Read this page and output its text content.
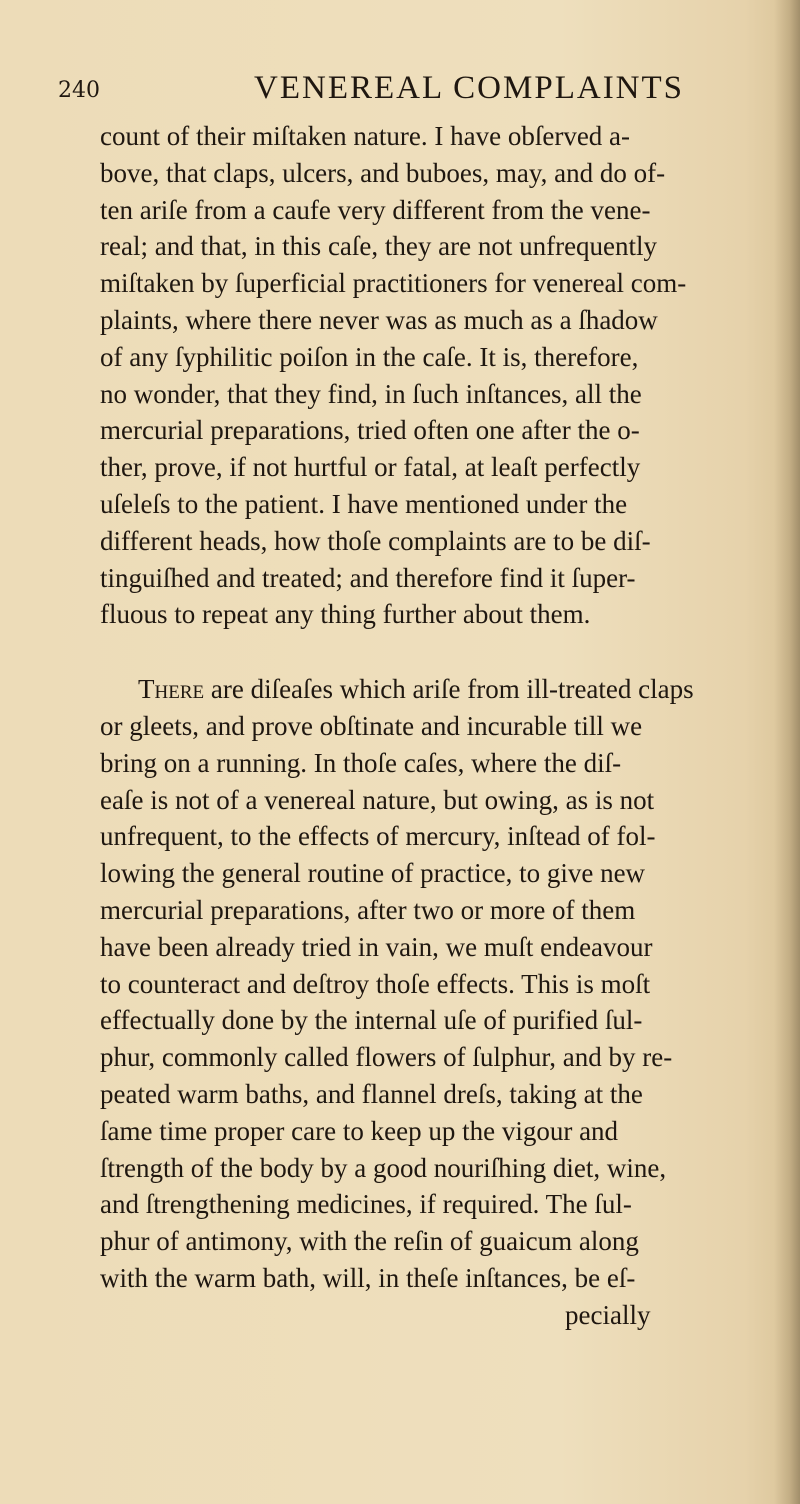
240	VENEREAL COMPLAINTS
count of their miſtaken nature. I have obſerved a-
bove, that claps, ulcers, and buboes, may, and do of-
ten ariſe from a caufe very different from the vene-
real; and that, in this caſe, they are not unfrequently
miſtaken by ſuperficial practitioners for venereal com-
plaints, where there never was as much as a ſhadow
of any ſyphilitic poiſon in the caſe. It is, therefore,
no wonder, that they find, in ſuch inſtances, all the
mercurial preparations, tried often one after the o-
ther, prove, if not hurtful or fatal, at leaſt perfectly
uſeleſs to the patient. I have mentioned under the
different heads, how thoſe complaints are to be diſ-
tinguiſhed and treated; and therefore find it ſuper-
fluous to repeat any thing further about them.
There are diſeaſes which ariſe from ill-treated claps
or gleets, and prove obſtinate and incurable till we
bring on a running. In thoſe caſes, where the diſ-
eaſe is not of a venereal nature, but owing, as is not
unfrequent, to the effects of mercury, inſtead of fol-
lowing the general routine of practice, to give new
mercurial preparations, after two or more of them
have been already tried in vain, we muſt endeavour
to counteract and deſtroy thoſe effects. This is moſt
effectually done by the internal uſe of purified ſul-
phur, commonly called flowers of ſulphur, and by re-
peated warm baths, and flannel dreſs, taking at the
ſame time proper care to keep up the vigour and
ſtrength of the body by a good nouriſhing diet, wine,
and ſtrengthening medicines, if required. The ſul-
phur of antimony, with the reſin of guaicum along
with the warm bath, will, in theſe inſtances, be eſ-
pecially
